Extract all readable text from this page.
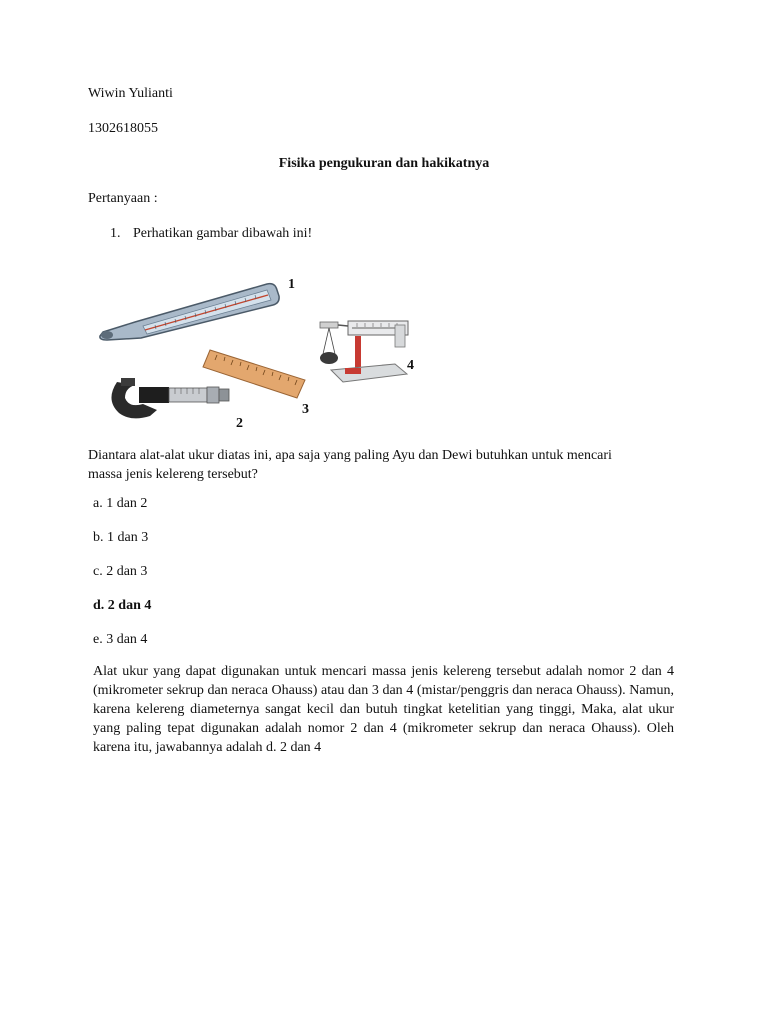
Wiwin Yulianti
1302618055
Fisika pengukuran dan hakikatnya
Pertanyaan :
1. Perhatikan gambar dibawah ini!
1
2
3
4
Diantara alat-alat ukur diatas ini, apa saja yang paling Ayu dan Dewi butuhkan untuk mencari
massa jenis kelereng tersebut?
a. 1 dan 2
b. 1 dan 3
c. 2 dan 3
d. 2 dan 4
e. 3 dan 4
Alat ukur yang dapat digunakan untuk mencari massa jenis kelereng tersebut adalah nomor 2 dan 4 (mikrometer sekrup dan neraca Ohauss) atau dan 3 dan 4 (mistar/penggris dan neraca Ohauss). Namun, karena kelereng diameternya sangat kecil dan butuh tingkat ketelitian yang tinggi, Maka, alat ukur yang paling tepat digunakan adalah nomor 2 dan 4 (mikrometer sekrup dan neraca Ohauss). Oleh karena itu, jawabannya adalah d. 2 dan 4
